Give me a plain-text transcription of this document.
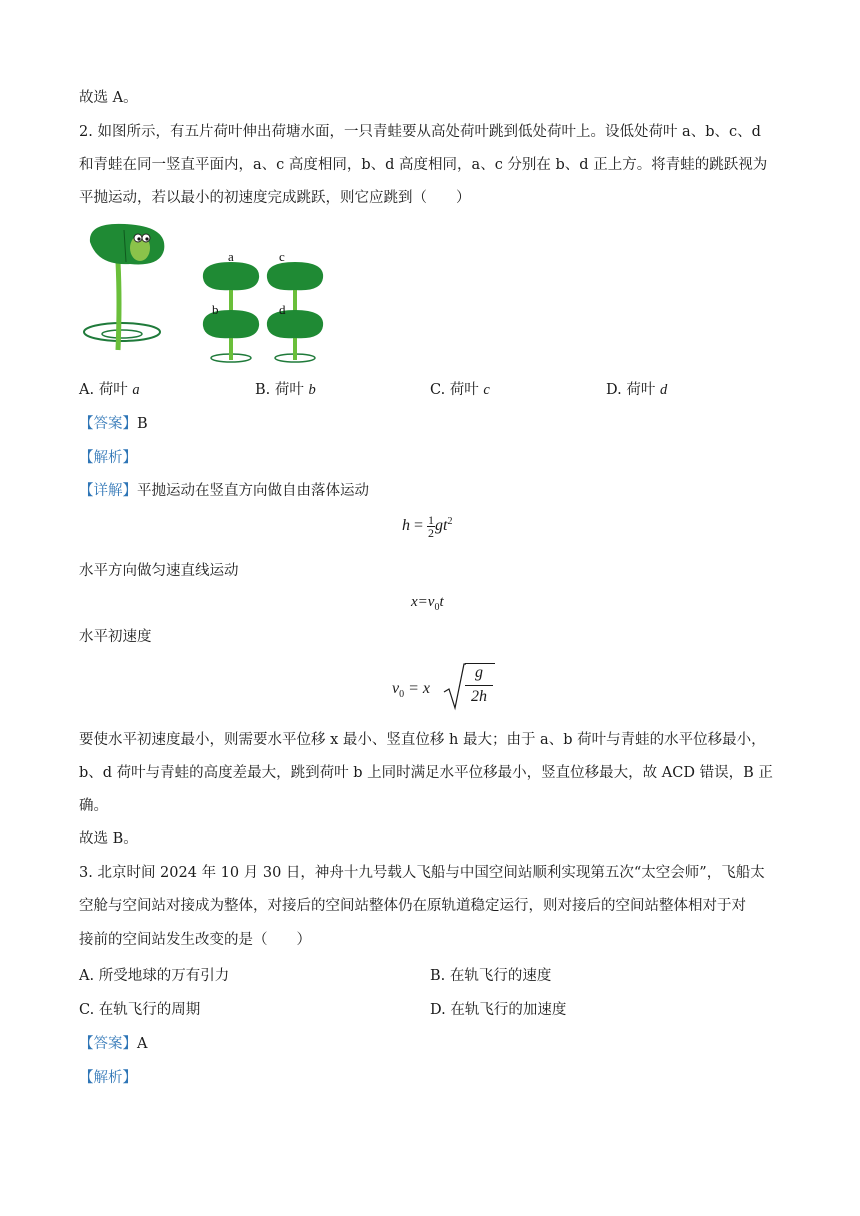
故选 A。
2. 如图所示，有五片荷叶伸出荷塘水面，一只青蛙要从高处荷叶跳到低处荷叶上。设低处荷叶 a、b、c、d
和青蛙在同一竖直平面内，a、c 高度相同，b、d 高度相同，a、c 分别在 b、d 正上方。将青蛙的跳跃视为
平抛运动，若以最小的初速度完成跳跃，则它应跳到（　　）
a
b
c
d
A. 荷叶 a	B. 荷叶 b	C. 荷叶 c	D. 荷叶 d
【答案】B
【解析】
【详解】平抛运动在竖直方向做自由落体运动
$h = \frac{1}{2} gt^2$
水平方向做匀速直线运动
$x=v_0t$
水平初速度
$v_0 = x$
g
2h
要使水平初速度最小，则需要水平位移 x 最小、竖直位移 h 最大；由于 a、b 荷叶与青蛙的水平位移最小，
b、d 荷叶与青蛙的高度差最大，跳到荷叶 b 上同时满足水平位移最小，竖直位移最大，故 ACD 错误，B 正
确。
故选 B。
3. 北京时间 2024 年 10 月 30 日，神舟十九号载人飞船与中国空间站顺利实现第五次“太空会师”，飞船太
空舱与空间站对接成为整体，对接后的空间站整体仍在原轨道稳定运行，则对接后的空间站整体相对于对
接前的空间站发生改变的是（　　）
A. 所受地球的万有引力	B. 在轨飞行的速度
C. 在轨飞行的周期	D. 在轨飞行的加速度
【答案】A
【解析】
